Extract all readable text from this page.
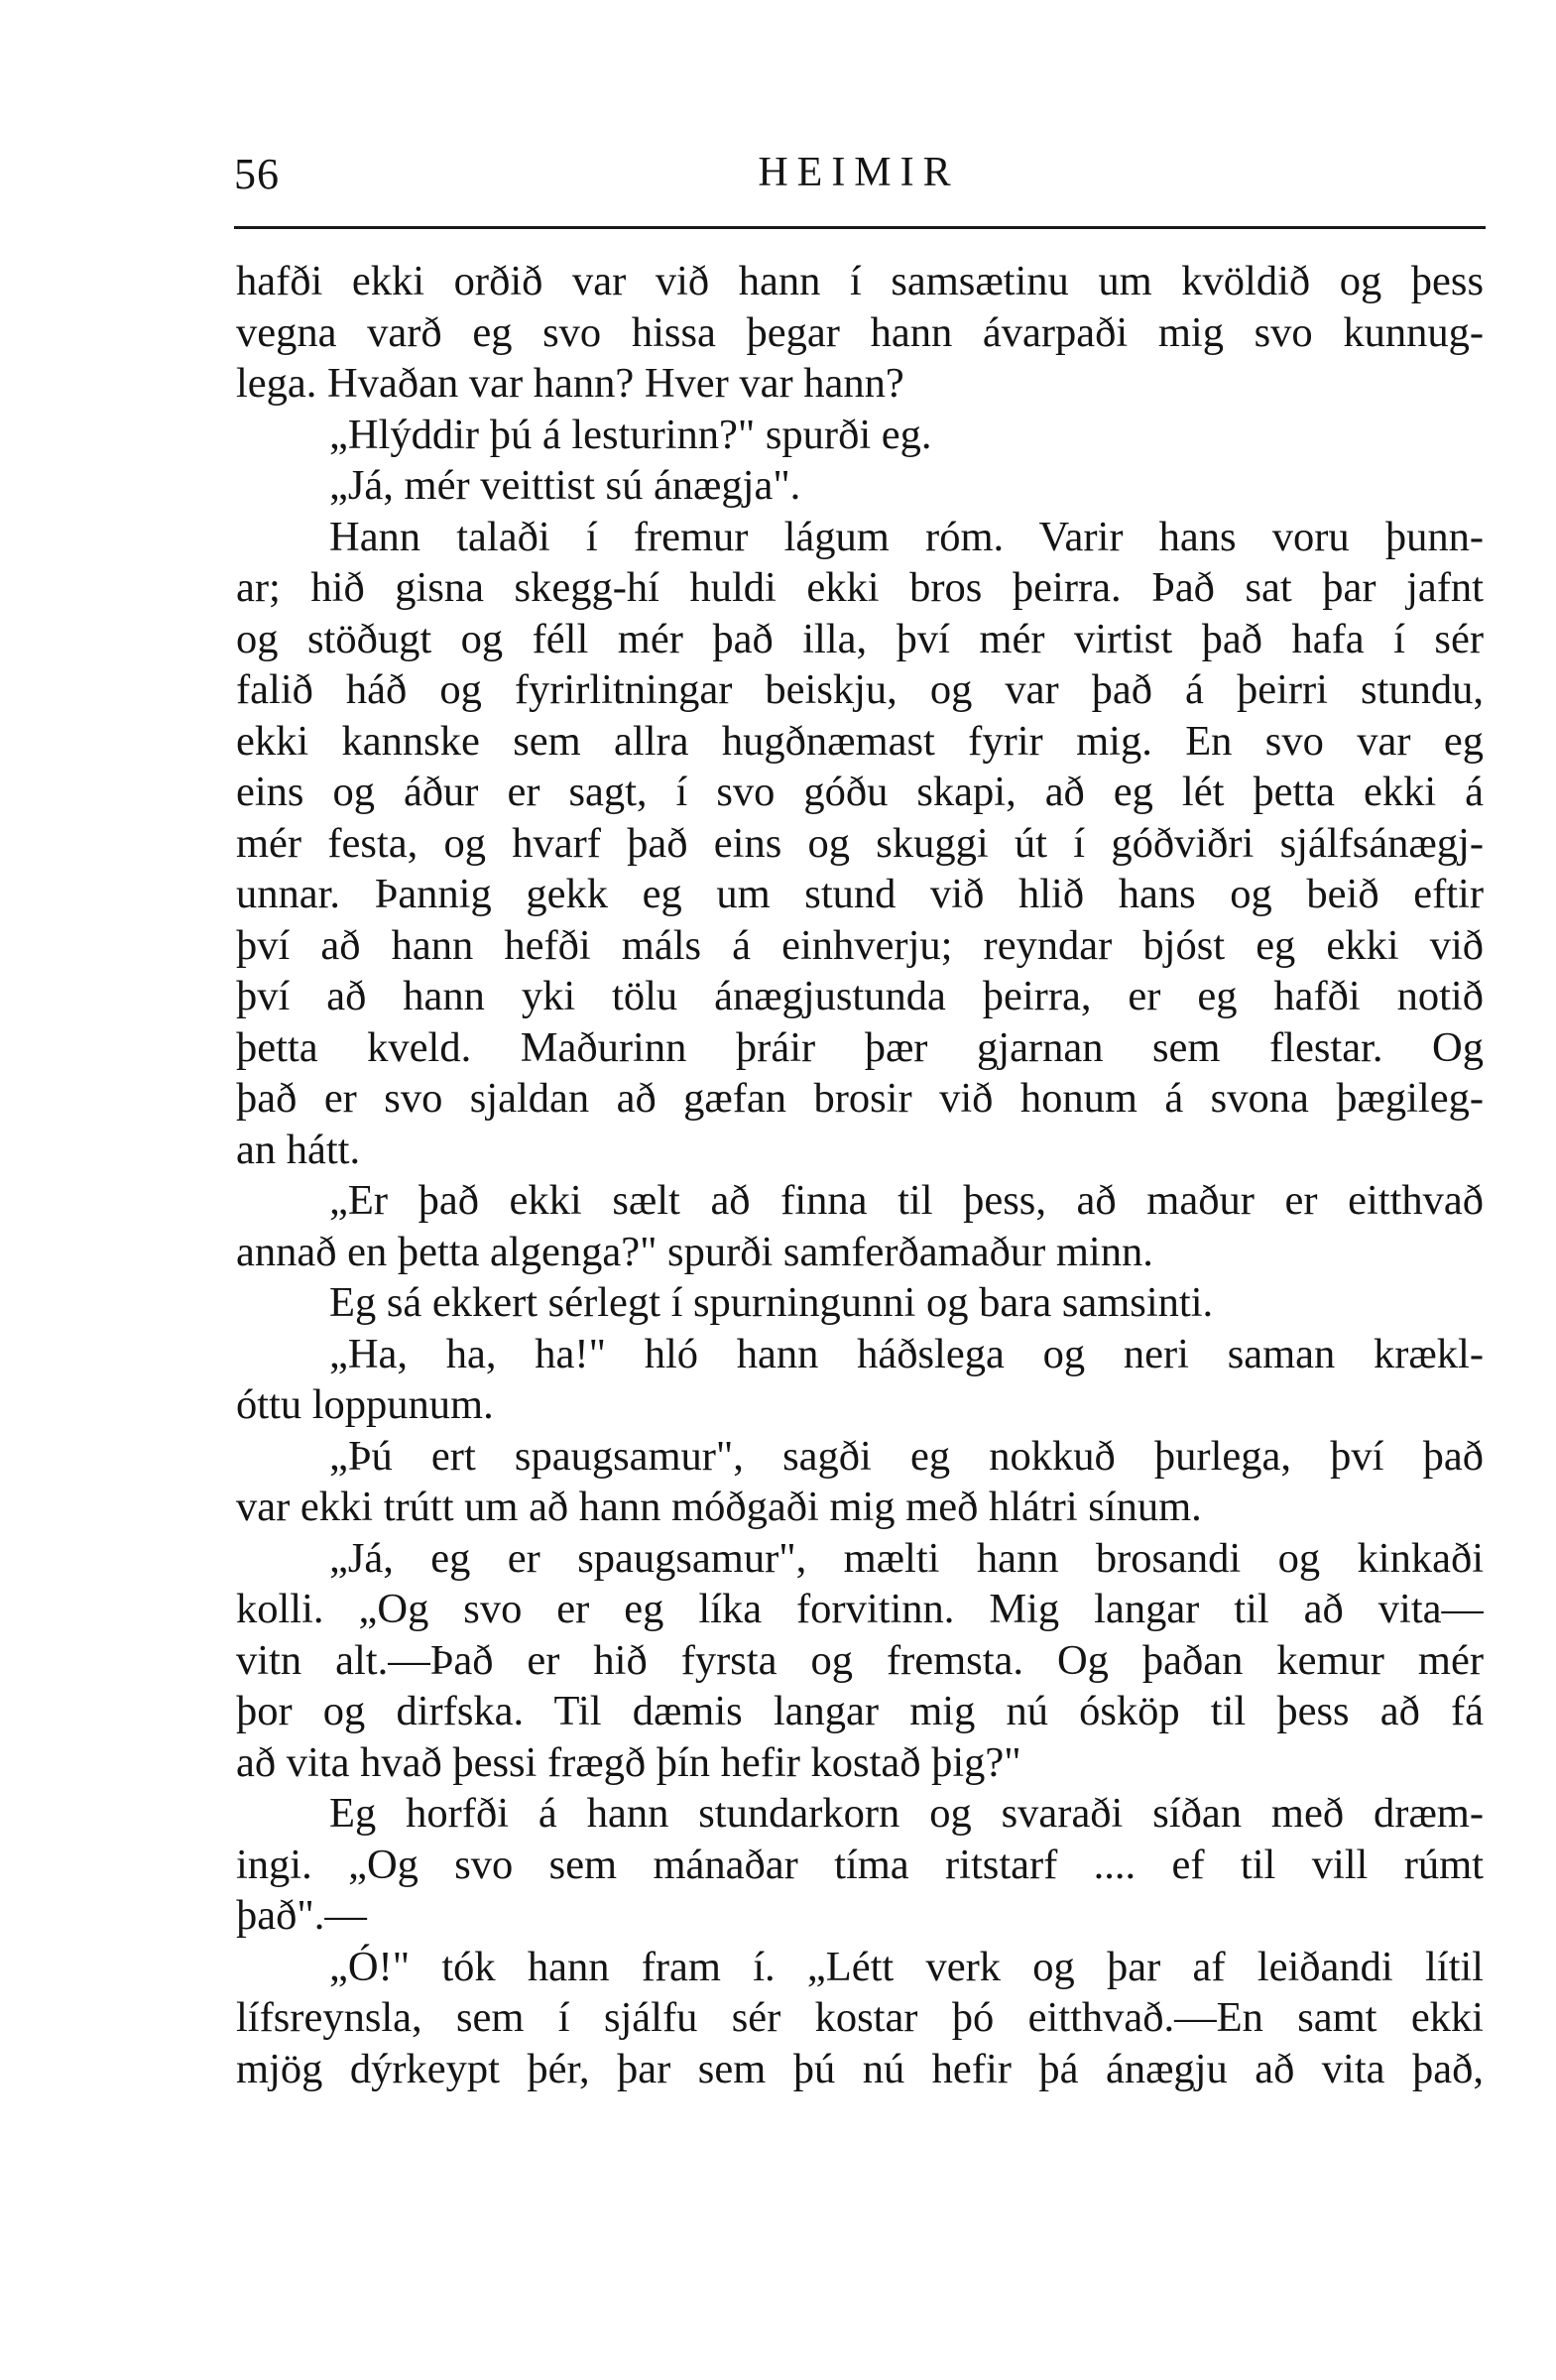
56	HEIMIR
hafði ekki orðið var við hann í samsætinu um kvöldið og þess
vegna varð eg svo hissa þegar hann ávarpaði mig svo kunnug-
lega. Hvaðan var hann? Hver var hann?
„Hlýddir þú á lesturinn?" spurði eg.
„Já, mér veittist sú ánægja".
Hann talaði í fremur lágum róm. Varir hans voru þunn-
ar; hið gisna skegg-hí huldi ekki bros þeirra. Það sat þar jafnt
og stöðugt og féll mér það illa, því mér virtist það hafa í sér
falið háð og fyrirlitningar beiskju, og var það á þeirri stundu,
ekki kannske sem allra hugðnæmast fyrir mig. En svo var eg
eins og áður er sagt, í svo góðu skapi, að eg lét þetta ekki á
mér festa, og hvarf það eins og skuggi út í góðviðri sjálfsánægj-
unnar. Þannig gekk eg um stund við hlið hans og beið eftir
því að hann hefði máls á einhverju; reyndar bjóst eg ekki við
því að hann yki tölu ánægjustunda þeirra, er eg hafði notið
þetta kveld. Maðurinn þráir þær gjarnan sem flestar. Og
það er svo sjaldan að gæfan brosir við honum á svona þægileg-
an hátt.
„Er það ekki sælt að finna til þess, að maður er eitthvað
annað en þetta algenga?" spurði samferðamaður minn.
Eg sá ekkert sérlegt í spurningunni og bara samsinti.
„Ha, ha, ha!" hló hann háðslega og neri saman krækl-
óttu loppunum.
„Þú ert spaugsamur", sagði eg nokkuð þurlega, því það
var ekki trútt um að hann móðgaði mig með hlátri sínum.
„Já, eg er spaugsamur", mælti hann brosandi og kinkaði
kolli. „Og svo er eg líka forvitinn. Mig langar til að vita—
vitn alt.—Það er hið fyrsta og fremsta. Og þaðan kemur mér
þor og dirfska. Til dæmis langar mig nú ósköp til þess að fá
að vita hvað þessi frægð þín hefir kostað þig?"
Eg horfði á hann stundarkorn og svaraði síðan með dræm-
ingi. „Og svo sem mánaðar tíma ritstarf .... ef til vill rúmt
það".—
„Ó!" tók hann fram í. „Létt verk og þar af leiðandi lítil
lífsreynsla, sem í sjálfu sér kostar þó eitthvað.—En samt ekki
mjög dýrkeypt þér, þar sem þú nú hefir þá ánægju að vita það,
